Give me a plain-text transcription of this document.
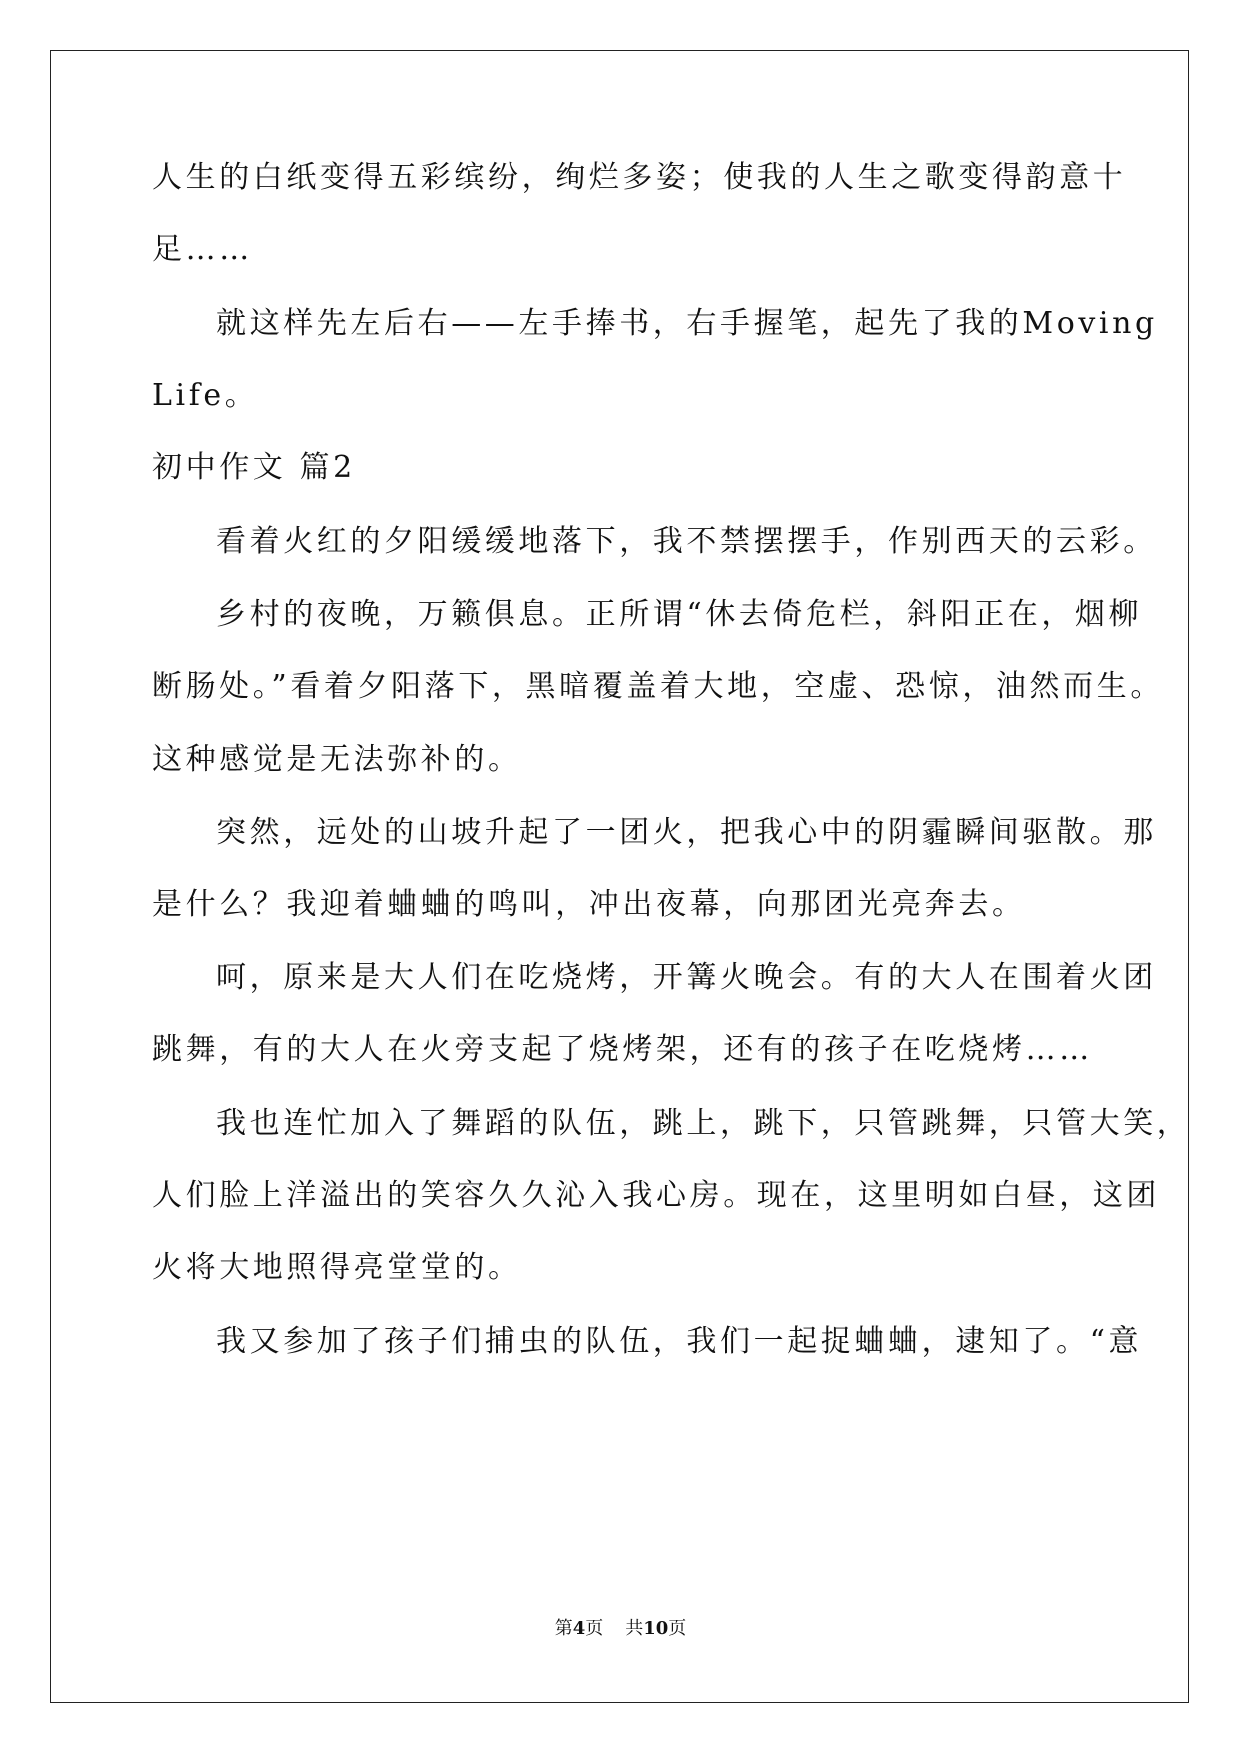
人生的白纸变得五彩缤纷，绚烂多姿；使我的人生之歌变得韵意十
足……
就这样先左后右——左手捧书，右手握笔，起先了我的Moving
Life。
初中作文 篇2
看着火红的夕阳缓缓地落下，我不禁摆摆手，作别西天的云彩。
乡村的夜晚，万籁俱息。正所谓“休去倚危栏，斜阳正在，烟柳
断肠处。”看着夕阳落下，黑暗覆盖着大地，空虚、恐惊，油然而生。
这种感觉是无法弥补的。
突然，远处的山坡升起了一团火，把我心中的阴霾瞬间驱散。那
是什么？我迎着蛐蛐的鸣叫，冲出夜幕，向那团光亮奔去。
呵，原来是大人们在吃烧烤，开篝火晚会。有的大人在围着火团
跳舞，有的大人在火旁支起了烧烤架，还有的孩子在吃烧烤……
我也连忙加入了舞蹈的队伍，跳上，跳下，只管跳舞，只管大笑，
人们脸上洋溢出的笑容久久沁入我心房。现在，这里明如白昼，这团
火将大地照得亮堂堂的。
我又参加了孩子们捕虫的队伍，我们一起捉蛐蛐，逮知了。“意
第4页 共10页
